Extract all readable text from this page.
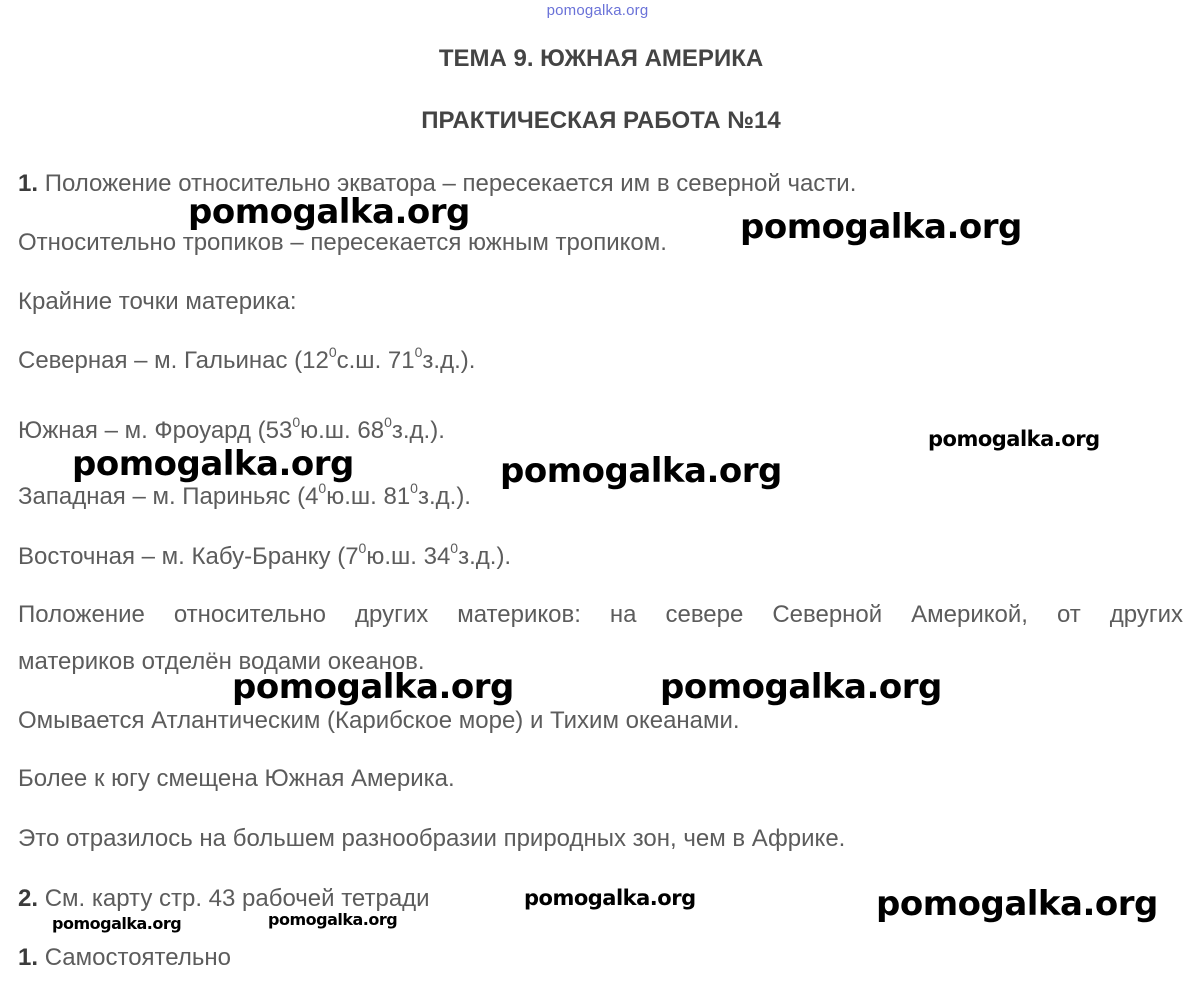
pomogalka.org
ТЕМА 9. ЮЖНАЯ АМЕРИКА
ПРАКТИЧЕСКАЯ РАБОТА №14
1. Положение относительно экватора – пересекается им в северной части.
Относительно тропиков – пересекается южным тропиком.
Крайние точки материка:
Северная – м. Гальинас ($12^0с.ш$. $71^0з.д$.).
Южная – м. Фроуард ($53^0ю.ш$. $68^0з.д$.).
Западная – м. Париньяс ($4^0ю.ш$. $81^0з.д$.).
Восточная – м. Кабу-Бранку ($7^0ю.ш$. $34^0з.д$.).
Положение относительно других материков: на севере Северной Америкой, от других
материков отделён водами океанов.
Омывается Атлантическим (Карибское море) и Тихим океанами.
Более к югу смещена Южная Америка.
Это отразилось на большем разнообразии природных зон, чем в Африке.
2. См. карту стр. 43 рабочей тетради
1. Самостоятельно
pomogalka.org	pomogalka.org
pomogalka.org
pomogalka.org	pomogalka.org
pomogalka.org	pomogalka.org
pomogalka.org	pomogalka.org
pomogalka.org	pomogalka.org
